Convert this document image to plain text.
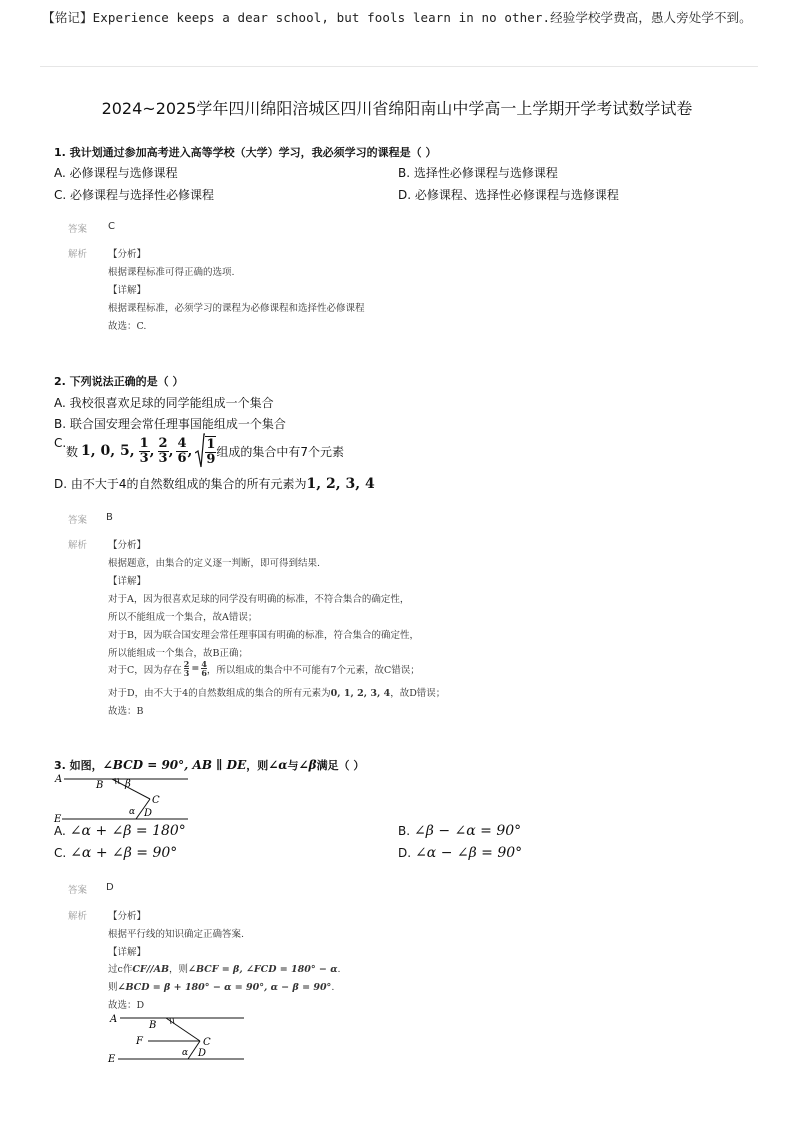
【铭记】Experience keeps a dear school, but fools learn in no other.经验学校学费高，愚人旁处学不到。
2024~2025学年四川绵阳涪城区四川省绵阳南山中学高一上学期开学考试数学试卷
1. 我计划通过参加高考进入高等学校（大学）学习，我必须学习的课程是（ ）
A. 必修课程与选修课程	B. 选择性必修课程与选修课程
C. 必修课程与选择性必修课程	D. 必修课程、选择性必修课程与选修课程
答案 C
解析 【分析】
根据课程标准可得正确的选项.
【详解】
根据课程标准，必须学习的课程为必修课程和选择性必修课程
故选：C.
2. 下列说法正确的是（ ）
A. 我校很喜欢足球的同学能组成一个集合
B. 联合国安理会常任理事国能组成一个集合
C.
数 1, 0, 5, $\frac{1}{3}$ , $\frac{2}{3}$ , $\frac{4}{6}$ , $\frac{1}{9}$ 组成的集合中有7个元素
D. 由不大于4的自然数组成的集合的所有元素为 1, 2, 3, 4
答案 B
解析 【分析】
根据题意，由集合的定义逐一判断，即可得到结果.
【详解】
对于A，因为很喜欢足球的同学没有明确的标准，不符合集合的确定性，
所以不能组成一个集合，故A错误；
对于B，因为联合国安理会常任理事国有明确的标准，符合集合的确定性，
所以能组成一个集合，故B正确；
对于C，因为存在 $\frac{2}{3} = \frac{4}{6}$ ，所以组成的集合中不可能有7个元素，故C错误；
对于D，由不大于4的自然数组成的集合的所有元素为0, 1, 2, 3, 4，故D错误；
故选：B
3. 如图， ∠BCD = 90°, AB ∥ DE ，则 ∠α 与 ∠β 满足（ ）
A
B β
C
α D
E
A. ∠α + ∠β = 180°	B. ∠β − ∠α = 90°
C. ∠α + ∠β = 90°	D. ∠α − ∠β = 90°
答案 D
解析 【分析】
根据平行线的知识确定正确答案.
【详解】
过c作CF//AB，则∠BCF = β, ∠FCD = 180° − α.
则∠BCD = β + 180° − α = 90°, α − β = 90°.
故选：D
A
B
F	C
α D
E
